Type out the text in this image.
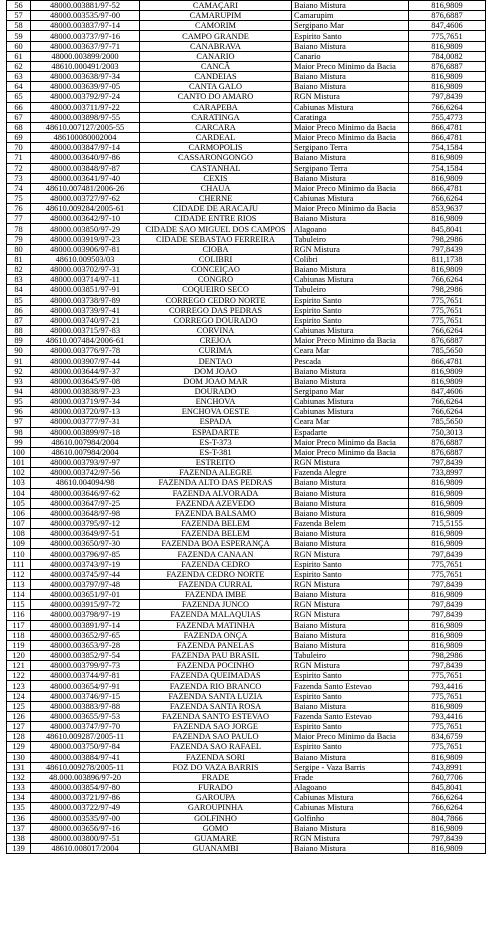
56	48000.003881/97-52	CAMAÇARI	Baiano Mistura	816,9809
57	48000.003535/97-00	CAMARUPIM	Camarupim	876,6887
58	48000.003837/97-14	CAMORIM	Sergipano Mar	847,4606
59	48000.003737/97-16	CAMPO GRANDE	Espirito Santo	775,7651
60	48000.003637/97-71	CANABRAVA	Baiano Mistura	816,9809
61	48000.003899/2000	CANARIO	Canario	784,0082
62	48610.000491/2003	CANCÃ	Maior Preco Minimo da Bacia	876,6887
63	48000.003638/97-34	CANDEIAS	Baiano Mistura	816,9809
64	48000.003639/97-05	CANTA GALO	Baiano Mistura	816,9809
65	48000.003792/97-24	CANTO DO AMARO	RGN Mistura	797,8439
66	48000.003711/97-22	CARAPEBA	Cabiunas Mistura	766,6264
67	48000.003898/97-55	CARATINGA	Caratinga	755,4773
68	48610.007127/2005-55	CARCARA	Maior Preco Minimo da Bacia	866,4781
69	486100080002004	CARDEAL	Maior Preco Minimo da Bacia	866,4781
70	48000.003847/97-14	CARMOPOLIS	Sergipano Terra	754,1584
71	48000.003640/97-86	CASSARONGONGO	Baiano Mistura	816,9809
72	48000.003848/97-87	CASTANHAL	Sergipano Terra	754,1584
73	48000.003641/97-40	CEXIS	Baiano Mistura	816,9809
74	48610.007481/2006-26	CHAUA	Maior Preco Minimo da Bacia	866,4781
75	48000.003727/97-62	CHERNE	Cabiunas Mistura	766,6264
76	48610.009284/2005-61	CIDADE DE ARACAJU	Maior Preco Minimo da Bacia	853,9637
77	48000.003642/97-10	CIDADE ENTRE RIOS	Baiano Mistura	816,9809
78	48000.003850/97-29	CIDADE SAO MIGUEL DOS CAMPOS	Alagoano	845,8041
79	48000.003919/97-23	CIDADE SEBASTAO FERREIRA	Tabuleiro	798,2986
80	48000.003906/97-81	CIOBA	RGN Mistura	797,8439
81	48610.009503/03	COLIBRI	Colibri	811,1738
82	48000.003702/97-31	CONCEIÇAO	Baiano Mistura	816,9809
83	48000.003714/97-11	CONGRO	Cabiunas Mistura	766,6264
84	48000.003851/97-91	COQUEIRO SECO	Tabuleiro	798,2986
85	48000.003738/97-89	CORREGO CEDRO NORTE	Espirito Santo	775,7651
86	48000.003739/97-41	CORREGO DAS PEDRAS	Espirito Santo	775,7651
87	48000.003740/97-21	CORREGO DOURADO	Espirito Santo	775,7651
88	48000.003715/97-83	CORVINA	Cabiunas Mistura	766,6264
89	48610.007484/2006-61	CREJOA	Maior Preco Minimo da Bacia	876,6887
90	48000.003776/97-78	CURIMA	Ceara Mar	785,5650
91	48000.003907/97-44	DENTAO	Pescada	866,4781
92	48000.003644/97-37	DOM JOAO	Baiano Mistura	816,9809
93	48000.003645/97-08	DOM JOAO MAR	Baiano Mistura	816,9809
94	48000.003838/97-23	DOURADO	Sergipano Mar	847,4606
95	48000.003719/97-34	ENCHOVA	Cabiunas Mistura	766,6264
96	48000.003720/97-13	ENCHOVA OESTE	Cabiunas Mistura	766,6264
97	48000.003777/97-31	ESPADA	Ceara Mar	785,5650
98	48000.003899/97-18	ESPADARTE	Espadarte	750,3013
99	48610.007984/2004	ES-T-373	Maior Preco Minimo da Bacia	876,6887
100	48610.007984/2004	ES-T-381	Maior Preco Minimo da Bacia	876,6887
101	48000.003793/97-97	ESTREITO	RGN Mistura	797,8439
102	48000.003742/97-56	FAZENDA ALEGRE	Fazenda Alegre	733,8997
103	48610.004094/98	FAZENDA ALTO DAS PEDRAS	Baiano Mistura	816,9809
104	48000.003646/97-62	FAZENDA ALVORADA	Baiano Mistura	816,9809
105	48000.003647/97-25	FAZENDA AZEVEDO	Baiano Mistura	816,9809
106	48000.003648/97-98	FAZENDA BALSAMO	Baiano Mistura	816,9809
107	48000.003795/97-12	FAZENDA BELEM	Fazenda Belem	715,5155
108	48000.003649/97-51	FAZENDA BELEM	Baiano Mistura	816,9809
109	48000.003650/97-30	FAZENDA BOA ESPERANÇA	Baiano Mistura	816,9809
110	48000.003796/97-85	FAZENDA CANAAN	RGN Mistura	797,8439
111	48000.003743/97-19	FAZENDA CEDRO	Espirito Santo	775,7651
112	48000.003745/97-44	FAZENDA CEDRO NORTE	Espirito Santo	775,7651
113	48000.003797/97-48	FAZENDA CURRAL	RGN Mistura	797,8439
114	48000.003651/97-01	FAZENDA IMBE	Baiano Mistura	816,9809
115	48000.003915/97-72	FAZENDA JUNCO	RGN Mistura	797,8439
116	48000.003798/97-19	FAZENDA MALAQUIAS	RGN Mistura	797,8439
117	48000.003891/97-14	FAZENDA MATINHA	Baiano Mistura	816,9809
118	48000.003652/97-65	FAZENDA ONÇA	Baiano Mistura	816,9809
119	48000.003653/97-28	FAZENDA PANELAS	Baiano Mistura	816,9809
120	48000.003852/97-54	FAZENDA PAU BRASIL	Tabuleiro	798,2986
121	48000.003799/97-73	FAZENDA POCINHO	RGN Mistura	797,8439
122	48000.003744/97-81	FAZENDA QUEIMADAS	Espirito Santo	775,7651
123	48000.003654/97-91	FAZENDA RIO BRANCO	Fazenda Santo Estevao	793,4416
124	48000.003746/97-15	FAZENDA SANTA LUZIA	Espirito Santo	775,7651
125	48000.003883/97-88	FAZENDA SANTA ROSA	Baiano Mistura	816,9809
126	48000.003655/97-53	FAZENDA SANTO ESTEVAO	Fazenda Santo Estevao	793,4416
127	48000.003747/97-70	FAZENDA SAO JORGE	Espirito Santo	775,7651
128	48610.009287/2005-11	FAZENDA SAO PAULO	Maior Preco Minimo da Bacia	834,6759
129	48000.003750/97-84	FAZENDA SAO RAFAEL	Espirito Santo	775,7651
130	48000.003884/97-41	FAZENDA SORI	Baiano Mistura	816,9809
131	48610.009278/2005-11	FOZ DO VAZA BARRIS	Sergipe - Vaza Barris	743,8991
132	48.000.003896/97-20	FRADE	Frade	760,7706
133	48000.003854/97-80	FURADO	Alagoano	845,8041
134	48000.003721/97-86	GAROUPA	Cabiunas Mistura	766,6264
135	48000.003722/97-49	GAROUPINHA	Cabiunas Mistura	766,6264
136	48000.003535/97-00	GOLFINHO	Golfinho	804,7866
137	48000.003656/97-16	GOMO	Baiano Mistura	816,9809
138	48000.003800/97-51	GUAMARE	RGN Mistura	797,8439
139	48610.008017/2004	GUANAMBI	Baiano Mistura	816,9809
